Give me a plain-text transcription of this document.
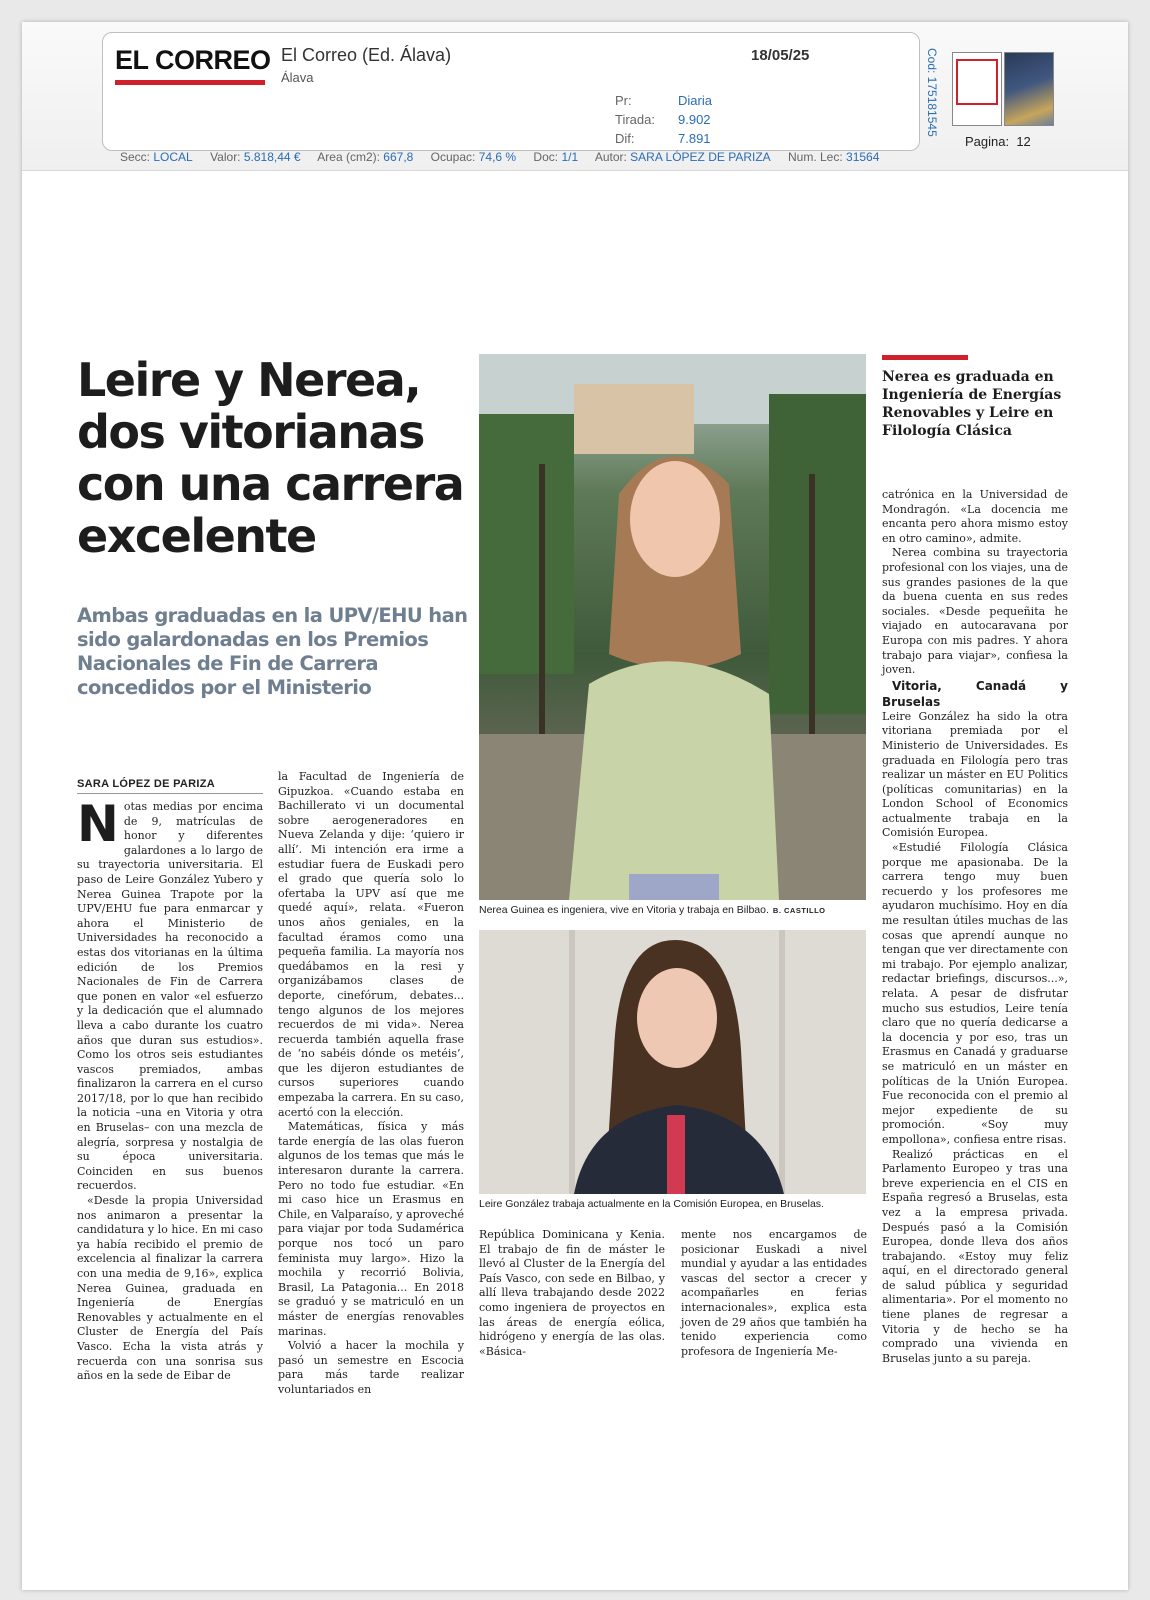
EL CORREO El Correo (Ed. Álava)
Álava
18/05/25
Pr:	Diaria
Tirada: 9.902
Dif:	7.891
Cod: 175181545
Pagina: 12
Secc: LOCAL Valor: 5.818,44 € Area (cm2): 667,8 Ocupac: 74,6 % Doc: 1/1 Autor: SARA LÓPEZ DE PARIZA Num. Lec: 31564
Leire y Nerea, dos vitorianas con una carrera excelente
Ambas graduadas en la UPV/EHU han sido galardonadas en los Premios Nacionales de Fin de Carrera concedidos por el Ministerio
SARA LÓPEZ DE PARIZA

Notas medias por encima de 9, matrículas de honor y diferentes galardones a lo largo de su trayectoria universitaria. El paso de Leire González Yubero y Nerea Guinea Trapote por la UPV/EHU fue para enmarcar y ahora el Ministerio de Universidades ha reconocido a estas dos vitorianas en la última edición de los Premios Nacionales de Fin de Carrera que ponen en valor «el esfuerzo y la dedicación que el alumnado lleva a cabo durante los cuatro años que duran sus estudios». Como los otros seis estudiantes vascos premiados, ambas finalizaron la carrera en el curso 2017/18, por lo que han recibido la noticia –una en Vitoria y otra en Bruselas– con una mezcla de alegría, sorpresa y nostalgia de su época universitaria. Coinciden en sus buenos recuerdos.

«Desde la propia Universidad nos animaron a presentar la candidatura y lo hice. En mi caso ya había recibido el premio de excelencia al finalizar la carrera con una media de 9,16», explica Nerea Guinea, graduada en Ingeniería de Energías Renovables y actualmente en el Cluster de Energía del País Vasco. Echa la vista atrás y recuerda con una sonrisa sus años en la sede de Eibar de

la Facultad de Ingeniería de Gipuzkoa. «Cuando estaba en Bachillerato vi un documental sobre aerogeneradores en Nueva Zelanda y dije: ‘quiero ir allí’. Mi intención era irme a estudiar fuera de Euskadi pero el grado que quería solo lo ofertaba la UPV así que me quedé aquí», relata. «Fueron unos años geniales, en la facultad éramos como una pequeña familia. La mayoría nos quedábamos en la resi y organizábamos clases de deporte, cinefórum, debates... tengo algunos de los mejores recuerdos de mi vida». Nerea recuerda también aquella frase de ‘no sabéis dónde os metéis’, que les dijeron estudiantes de cursos superiores cuando empezaba la carrera. En su caso, acertó con la elección.

Matemáticas, física y más tarde energía de las olas fueron algunos de los temas que más le interesaron durante la carrera. Pero no todo fue estudiar. «En mi caso hice un Erasmus en Chile, en Valparaíso, y aproveché para viajar por toda Sudamérica porque nos tocó un paro feminista muy largo». Hizo la mochila y recorrió Bolivia, Brasil, La Patagonia... En 2018 se graduó y se matriculó en un máster de energías renovables marinas.

Volvió a hacer la mochila y pasó un semestre en Escocia para más tarde realizar voluntariados en

Nerea Guinea es ingeniera, vive en Vitoria y trabaja en Bilbao. B. CASTILLO
Leire González trabaja actualmente en la Comisión Europea, en Bruselas.

República Dominicana y Kenia. El trabajo de fin de máster le llevó al Cluster de la Energía del País Vasco, con sede en Bilbao, y allí lleva trabajando desde 2022 como ingeniera de proyectos en las áreas de energía eólica, hidrógeno y energía de las olas. «Básica-

mente nos encargamos de posicionar Euskadi a nivel mundial y ayudar a las entidades vascas del sector a crecer y acompañarles en ferias internacionales», explica esta joven de 29 años que también ha tenido experiencia como profesora de Ingeniería Me-

Nerea es graduada en Ingeniería de Energías Renovables y Leire en Filología Clásica

catrónica en la Universidad de Mondragón. «La docencia me encanta pero ahora mismo estoy en otro camino», admite.

Nerea combina su trayectoria profesional con los viajes, una de sus grandes pasiones de la que da buena cuenta en sus redes sociales. «Desde pequeñita he viajado en autocaravana por Europa con mis padres. Y ahora trabajo para viajar», confiesa la joven.

Vitoria, Canadá y Bruselas

Leire González ha sido la otra vitoriana premiada por el Ministerio de Universidades. Es graduada en Filología pero tras realizar un máster en EU Politics (políticas comunitarias) en la London School of Economics actualmente trabaja en la Comisión Europea.

«Estudié Filología Clásica porque me apasionaba. De la carrera tengo muy buen recuerdo y los profesores me ayudaron muchísimo. Hoy en día me resultan útiles muchas de las cosas que aprendí aunque no tengan que ver directamente con mi trabajo. Por ejemplo analizar, redactar briefings, discursos...», relata. A pesar de disfrutar mucho sus estudios, Leire tenía claro que no quería dedicarse a la docencia y por eso, tras un Erasmus en Canadá y graduarse se matriculó en un máster en políticas de la Unión Europea. Fue reconocida con el premio al mejor expediente de su promoción. «Soy muy empollona», confiesa entre risas.

Realizó prácticas en el Parlamento Europeo y tras una breve experiencia en el CIS en España regresó a Bruselas, esta vez a la empresa privada. Después pasó a la Comisión Europea, donde lleva dos años trabajando. «Estoy muy feliz aquí, en el directorado general de salud pública y seguridad alimentaria». Por el momento no tiene planes de regresar a Vitoria y de hecho se ha comprado una vivienda en Bruselas junto a su pareja.
